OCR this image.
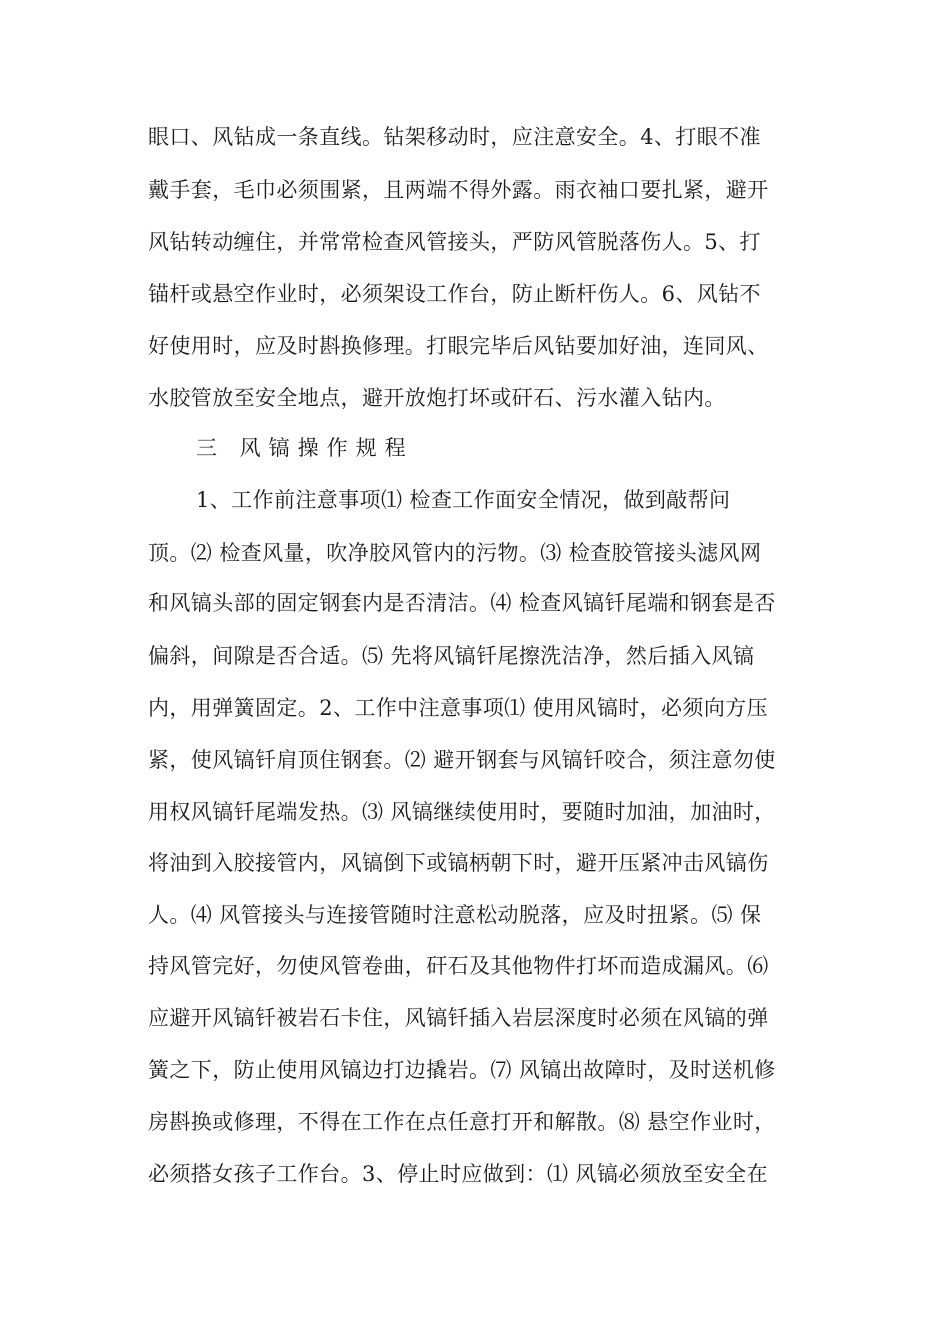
眼口、风钻成一条直线。钻架移动时，应注意安全。4、打眼不准
戴手套，毛巾必须围紧，且两端不得外露。雨衣袖口要扎紧，避开
风钻转动缠住，并常常检查风管接头，严防风管脱落伤人。5、打
锚杆或悬空作业时，必须架设工作台，防止断杆伤人。6、风钻不
好使用时，应及时斟换修理。打眼完毕后风钻要加好油，连同风、
水胶管放至安全地点，避开放炮打坏或矸石、污水灌入钻内。
三 风镐操作规程
1、工作前注意事项⑴ 检查工作面安全情况，做到敲帮问
顶。⑵ 检查风量，吹净胶风管内的污物。⑶ 检查胶管接头滤风网
和风镐头部的固定钢套内是否清洁。⑷ 检查风镐钎尾端和钢套是否
偏斜，间隙是否合适。⑸ 先将风镐钎尾擦洗洁净，然后插入风镐
内，用弹簧固定。2、工作中注意事项⑴ 使用风镐时，必须向方压
紧，使风镐钎肩顶住钢套。⑵ 避开钢套与风镐钎咬合，须注意勿使
用权风镐钎尾端发热。⑶ 风镐继续使用时，要随时加油，加油时，
将油到入胶接管内，风镐倒下或镐柄朝下时，避开压紧冲击风镐伤
人。⑷ 风管接头与连接管随时注意松动脱落，应及时扭紧。⑸ 保
持风管完好，勿使风管卷曲，矸石及其他物件打坏而造成漏风。⑹
应避开风镐钎被岩石卡住，风镐钎插入岩层深度时必须在风镐的弹
簧之下，防止使用风镐边打边撬岩。⑺ 风镐出故障时，及时送机修
房斟换或修理，不得在工作在点任意打开和解散。⑻ 悬空作业时，
必须搭女孩子工作台。3、停止时应做到：⑴ 风镐必须放至安全在
